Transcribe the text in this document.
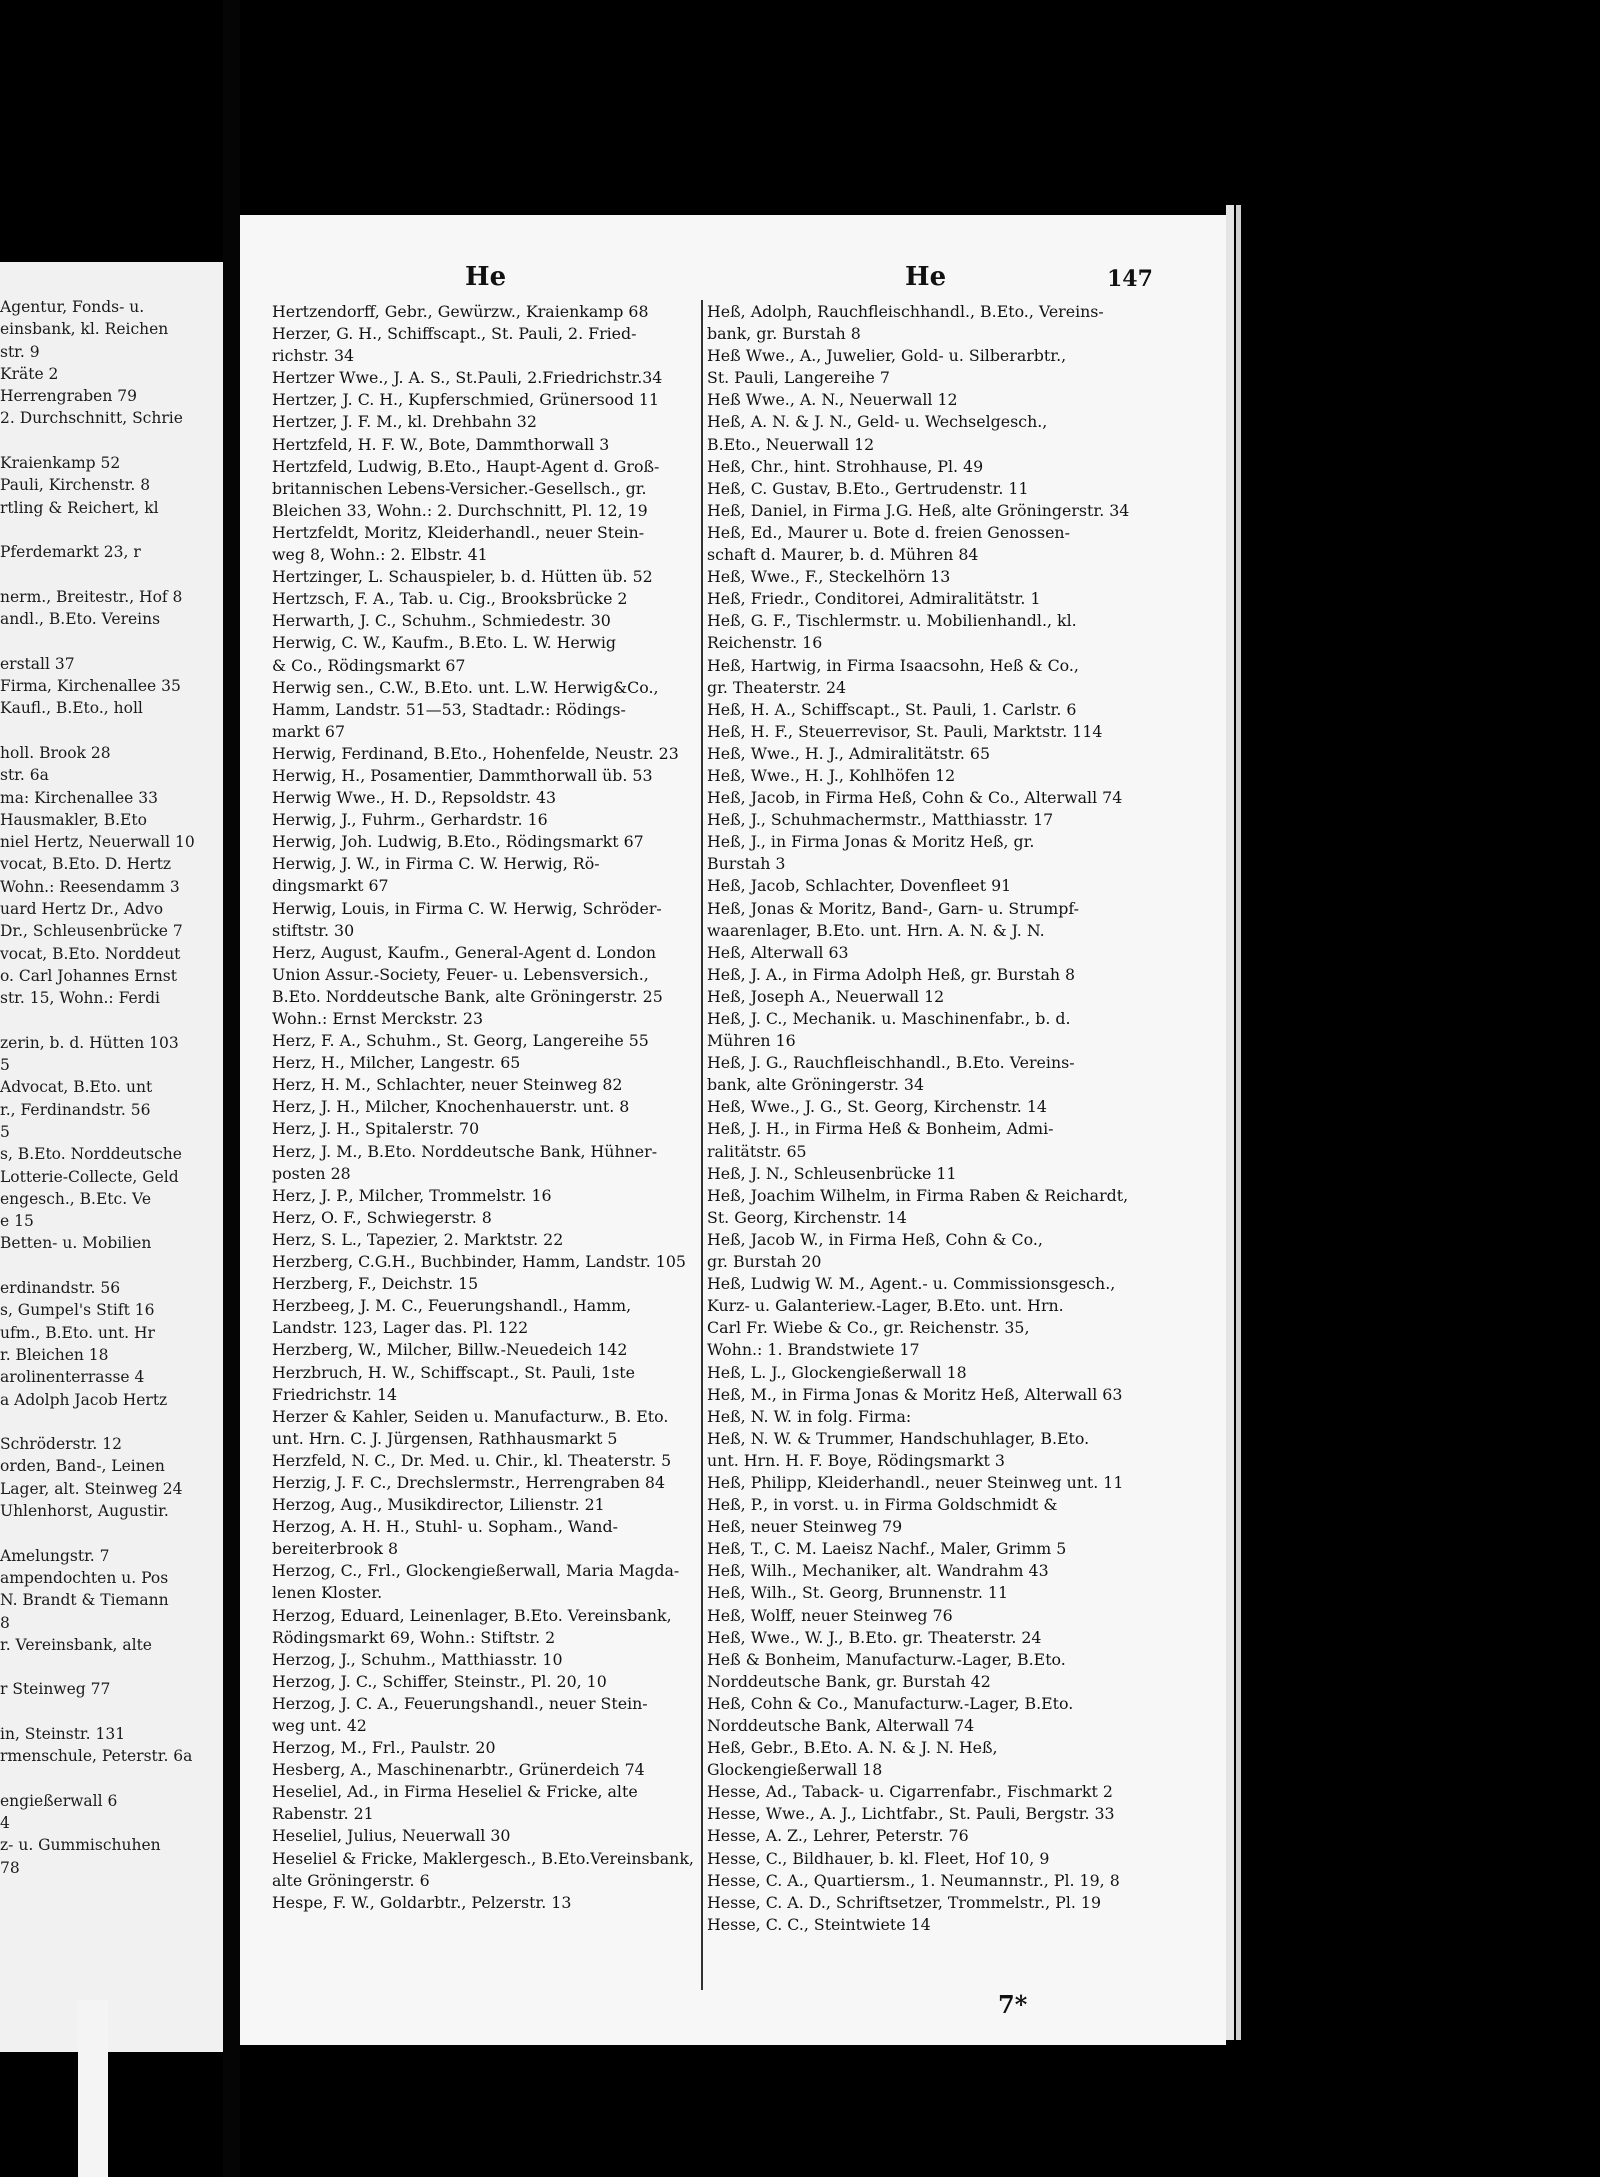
Agentur, Fonds- u.
einsbank, kl. Reichen
str. 9
Kräte 2
Herrengraben 79
2. Durchschnitt, Schrie
Kraienkamp 52
Pauli, Kirchenstr. 8
rtling & Reichert, kl
Pferdemarkt 23, r
nerm., Breitestr., Hof 8
andl., B.Eto. Vereins
erstall 37
Firma, Kirchenallee 35
Kaufl., B.Eto., holl
holl. Brook 28
str. 6a
ma: Kirchenallee 33
Hausmakler, B.Eto
niel Hertz, Neuerwall 10
vocat, B.Eto. D. Hertz
Wohn.: Reesendamm 3
uard Hertz Dr., Advo
Dr., Schleusenbrücke 7
vocat, B.Eto. Norddeut
o. Carl Johannes Ernst
str. 15, Wohn.: Ferdi
zerin, b. d. Hütten 103
5
Advocat, B.Eto. unt
r., Ferdinandstr. 56
5
s, B.Eto. Norddeutsche
Lotterie-Collecte, Geld
engesch., B.Etc. Ve
e 15
Betten- u. Mobilien
erdinandstr. 56
s, Gumpel's Stift 16
ufm., B.Eto. unt. Hr
r. Bleichen 18
arolinenterrasse 4
a Adolph Jacob Hertz
Schröderstr. 12
orden, Band-, Leinen
Lager, alt. Steinweg 24
Uhlenhorst, Augustir.
Amelungstr. 7
ampendochten u. Pos
N. Brandt & Tiemann
8
r. Vereinsbank, alte
r Steinweg 77
in, Steinstr. 131
rmenschule, Peterstr. 6a
engießerwall 6
4
z- u. Gummischuhen
78
He	He	147
Hertzendorff, Gebr., Gewürzw., Kraienkamp 68
Herzer, G. H., Schiffscapt., St. Pauli, 2. Fried-
richstr. 34
Hertzer Wwe., J. A. S., St.Pauli, 2.Friedrichstr.34
Hertzer, J. C. H., Kupferschmied, Grünersood 11
Hertzer, J. F. M., kl. Drehbahn 32
Hertzfeld, H. F. W., Bote, Dammthorwall 3
Hertzfeld, Ludwig, B.Eto., Haupt-Agent d. Groß-
britannischen Lebens-Versicher.-Gesellsch., gr.
Bleichen 33, Wohn.: 2. Durchschnitt, Pl. 12, 19
Hertzfeldt, Moritz, Kleiderhandl., neuer Stein-
weg 8, Wohn.: 2. Elbstr. 41
Hertzinger, L. Schauspieler, b. d. Hütten üb. 52
Hertzsch, F. A., Tab. u. Cig., Brooksbrücke 2
Herwarth, J. C., Schuhm., Schmiedestr. 30
Herwig, C. W., Kaufm., B.Eto. L. W. Herwig
& Co., Rödingsmarkt 67
Herwig sen., C.W., B.Eto. unt. L.W. Herwig&Co.,
Hamm, Landstr. 51—53, Stadtadr.: Rödings-
markt 67
Herwig, Ferdinand, B.Eto., Hohenfelde, Neustr. 23
Herwig, H., Posamentier, Dammthorwall üb. 53
Herwig Wwe., H. D., Repsoldstr. 43
Herwig, J., Fuhrm., Gerhardstr. 16
Herwig, Joh. Ludwig, B.Eto., Rödingsmarkt 67
Herwig, J. W., in Firma C. W. Herwig, Rö-
dingsmarkt 67
Herwig, Louis, in Firma C. W. Herwig, Schröder-
stiftstr. 30
Herz, August, Kaufm., General-Agent d. London
Union Assur.-Society, Feuer- u. Lebensversich.,
B.Eto. Norddeutsche Bank, alte Gröningerstr. 25
Wohn.: Ernst Merckstr. 23
Herz, F. A., Schuhm., St. Georg, Langereihe 55
Herz, H., Milcher, Langestr. 65
Herz, H. M., Schlachter, neuer Steinweg 82
Herz, J. H., Milcher, Knochenhauerstr. unt. 8
Herz, J. H., Spitalerstr. 70
Herz, J. M., B.Eto. Norddeutsche Bank, Hühner-
posten 28
Herz, J. P., Milcher, Trommelstr. 16
Herz, O. F., Schwiegerstr. 8
Herz, S. L., Tapezier, 2. Marktstr. 22
Herzberg, C.G.H., Buchbinder, Hamm, Landstr. 105
Herzberg, F., Deichstr. 15
Herzbeeg, J. M. C., Feuerungshandl., Hamm,
Landstr. 123, Lager das. Pl. 122
Herzberg, W., Milcher, Billw.-Neuedeich 142
Herzbruch, H. W., Schiffscapt., St. Pauli, 1ste
Friedrichstr. 14
Herzer & Kahler, Seiden u. Manufacturw., B. Eto.
unt. Hrn. C. J. Jürgensen, Rathhausmarkt 5
Herzfeld, N. C., Dr. Med. u. Chir., kl. Theaterstr. 5
Herzig, J. F. C., Drechslermstr., Herrengraben 84
Herzog, Aug., Musikdirector, Lilienstr. 21
Herzog, A. H. H., Stuhl- u. Sopham., Wand-
bereiterbrook 8
Herzog, C., Frl., Glockengießerwall, Maria Magda-
lenen Kloster.
Herzog, Eduard, Leinenlager, B.Eto. Vereinsbank,
Rödingsmarkt 69, Wohn.: Stiftstr. 2
Herzog, J., Schuhm., Matthiasstr. 10
Herzog, J. C., Schiffer, Steinstr., Pl. 20, 10
Herzog, J. C. A., Feuerungshandl., neuer Stein-
weg unt. 42
Herzog, M., Frl., Paulstr. 20
Hesberg, A., Maschinenarbtr., Grünerdeich 74
Heseliel, Ad., in Firma Heseliel & Fricke, alte
Rabenstr. 21
Heseliel, Julius, Neuerwall 30
Heseliel & Fricke, Maklergesch., B.Eto.Vereinsbank,
alte Gröningerstr. 6
Hespe, F. W., Goldarbtr., Pelzerstr. 13
Heß, Adolph, Rauchfleischhandl., B.Eto., Vereins-
bank, gr. Burstah 8
Heß Wwe., A., Juwelier, Gold- u. Silberarbtr.,
St. Pauli, Langereihe 7
Heß Wwe., A. N., Neuerwall 12
Heß, A. N. & J. N., Geld- u. Wechselgesch.,
B.Eto., Neuerwall 12
Heß, Chr., hint. Strohhause, Pl. 49
Heß, C. Gustav, B.Eto., Gertrudenstr. 11
Heß, Daniel, in Firma J.G. Heß, alte Gröningerstr. 34
Heß, Ed., Maurer u. Bote d. freien Genossen-
schaft d. Maurer, b. d. Mühren 84
Heß, Wwe., F., Steckelhörn 13
Heß, Friedr., Conditorei, Admiralitätstr. 1
Heß, G. F., Tischlermstr. u. Mobilienhandl., kl.
Reichenstr. 16
Heß, Hartwig, in Firma Isaacsohn, Heß & Co.,
gr. Theaterstr. 24
Heß, H. A., Schiffscapt., St. Pauli, 1. Carlstr. 6
Heß, H. F., Steuerrevisor, St. Pauli, Marktstr. 114
Heß, Wwe., H. J., Admiralitätstr. 65
Heß, Wwe., H. J., Kohlhöfen 12
Heß, Jacob, in Firma Heß, Cohn & Co., Alterwall 74
Heß, J., Schuhmachermstr., Matthiasstr. 17
Heß, J., in Firma Jonas & Moritz Heß, gr.
Burstah 3
Heß, Jacob, Schlachter, Dovenfleet 91
Heß, Jonas & Moritz, Band-, Garn- u. Strumpf-
waarenlager, B.Eto. unt. Hrn. A. N. & J. N.
Heß, Alterwall 63
Heß, J. A., in Firma Adolph Heß, gr. Burstah 8
Heß, Joseph A., Neuerwall 12
Heß, J. C., Mechanik. u. Maschinenfabr., b. d.
Mühren 16
Heß, J. G., Rauchfleischhandl., B.Eto. Vereins-
bank, alte Gröningerstr. 34
Heß, Wwe., J. G., St. Georg, Kirchenstr. 14
Heß, J. H., in Firma Heß & Bonheim, Admi-
ralitätstr. 65
Heß, J. N., Schleusenbrücke 11
Heß, Joachim Wilhelm, in Firma Raben & Reichardt,
St. Georg, Kirchenstr. 14
Heß, Jacob W., in Firma Heß, Cohn & Co.,
gr. Burstah 20
Heß, Ludwig W. M., Agent.- u. Commissionsgesch.,
Kurz- u. Galanteriew.-Lager, B.Eto. unt. Hrn.
Carl Fr. Wiebe & Co., gr. Reichenstr. 35,
Wohn.: 1. Brandstwiete 17
Heß, L. J., Glockengießerwall 18
Heß, M., in Firma Jonas & Moritz Heß, Alterwall 63
Heß, N. W. in folg. Firma:
Heß, N. W. & Trummer, Handschuhlager, B.Eto.
unt. Hrn. H. F. Boye, Rödingsmarkt 3
Heß, Philipp, Kleiderhandl., neuer Steinweg unt. 11
Heß, P., in vorst. u. in Firma Goldschmidt &
Heß, neuer Steinweg 79
Heß, T., C. M. Laeisz Nachf., Maler, Grimm 5
Heß, Wilh., Mechaniker, alt. Wandrahm 43
Heß, Wilh., St. Georg, Brunnenstr. 11
Heß, Wolff, neuer Steinweg 76
Heß, Wwe., W. J., B.Eto. gr. Theaterstr. 24
Heß & Bonheim, Manufacturw.-Lager, B.Eto.
Norddeutsche Bank, gr. Burstah 42
Heß, Cohn & Co., Manufacturw.-Lager, B.Eto.
Norddeutsche Bank, Alterwall 74
Heß, Gebr., B.Eto. A. N. & J. N. Heß,
Glockengießerwall 18
Hesse, Ad., Taback- u. Cigarrenfabr., Fischmarkt 2
Hesse, Wwe., A. J., Lichtfabr., St. Pauli, Bergstr. 33
Hesse, A. Z., Lehrer, Peterstr. 76
Hesse, C., Bildhauer, b. kl. Fleet, Hof 10, 9
Hesse, C. A., Quartiersm., 1. Neumannstr., Pl. 19, 8
Hesse, C. A. D., Schriftsetzer, Trommelstr., Pl. 19
Hesse, C. C., Steintwiete 14
7*
